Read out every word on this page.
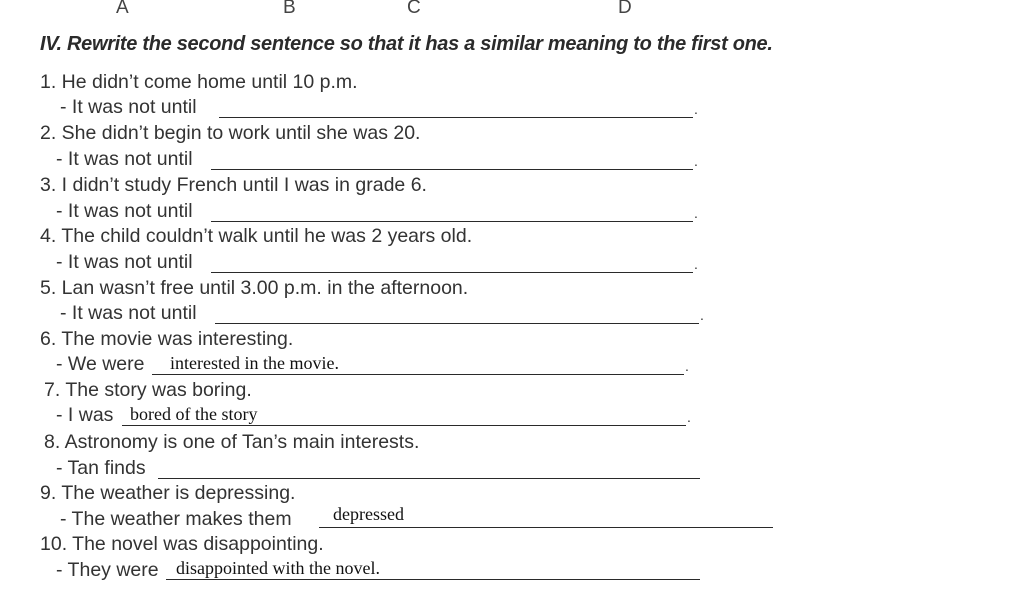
A	B	C	D
IV. Rewrite the second sentence so that it has a similar meaning to the first one.
1. He didn’t come home until 10 p.m.
- It was not until	.
2. She didn’t begin to work until she was 20.
- It was not until	.
3. I didn’t study French until I was in grade 6.
- It was not until	.
4. The child couldn’t walk until he was 2 years old.
- It was not until	.
5. Lan wasn’t free until 3.00 p.m. in the afternoon.
- It was not until	.
6. The movie was interesting.
- We were interested in the movie.	.
7. The story was boring.
- I was bored of the story	.
8. Astronomy is one of Tan’s main interests.
- Tan finds
9. The weather is depressing.
- The weather makes them depressed
10. The novel was disappointing.
- They were disappointed with the novel.
